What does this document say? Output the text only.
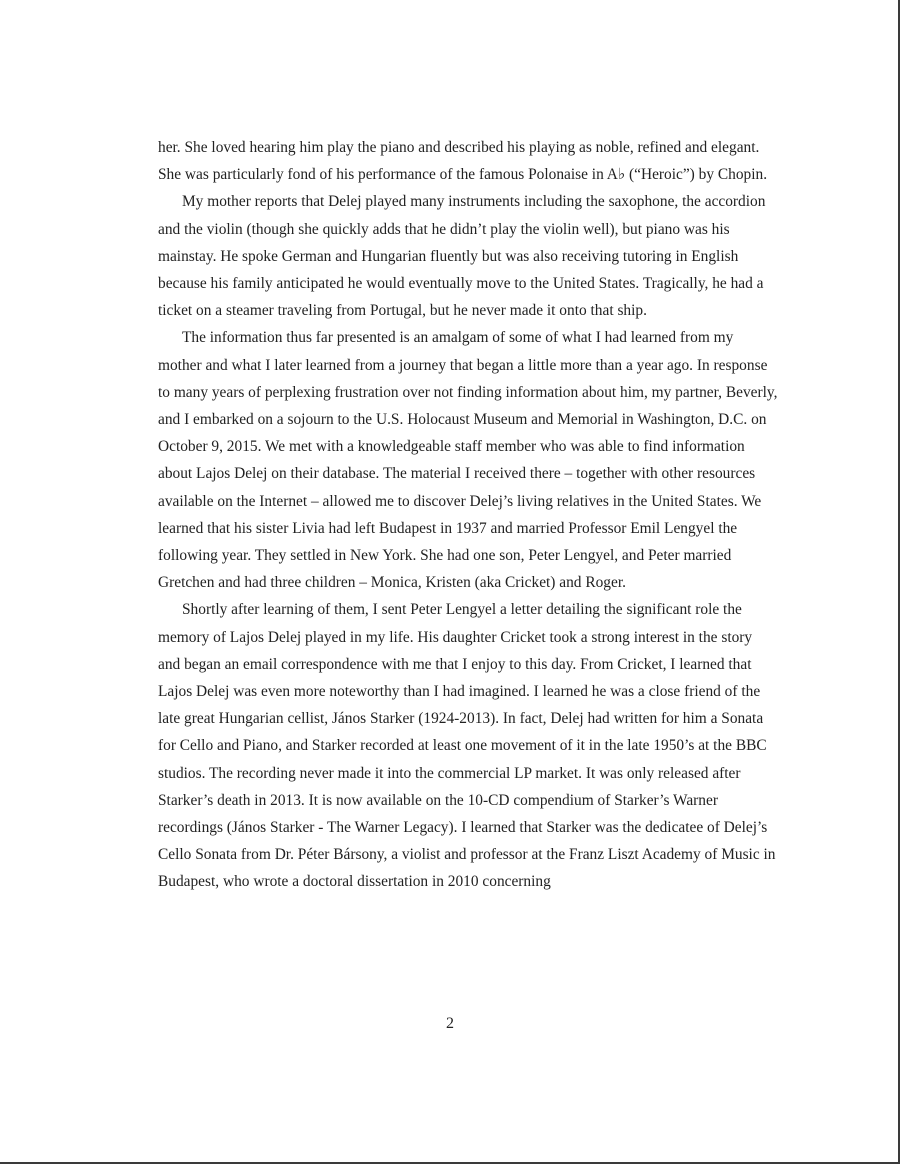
her. She loved hearing him play the piano and described his playing as noble, refined and elegant. She was particularly fond of his performance of the famous Polonaise in A♭ (“Heroic”) by Chopin.

My mother reports that Delej played many instruments including the saxophone, the accordion and the violin (though she quickly adds that he didn’t play the violin well), but piano was his mainstay. He spoke German and Hungarian fluently but was also receiving tutoring in English because his family anticipated he would eventually move to the United States. Tragically, he had a ticket on a steamer traveling from Portugal, but he never made it onto that ship.

The information thus far presented is an amalgam of some of what I had learned from my mother and what I later learned from a journey that began a little more than a year ago. In response to many years of perplexing frustration over not finding information about him, my partner, Beverly, and I embarked on a sojourn to the U.S. Holocaust Museum and Memorial in Washington, D.C. on October 9, 2015. We met with a knowledgeable staff member who was able to find information about Lajos Delej on their database. The material I received there – together with other resources available on the Internet – allowed me to discover Delej’s living relatives in the United States. We learned that his sister Livia had left Budapest in 1937 and married Professor Emil Lengyel the following year. They settled in New York. She had one son, Peter Lengyel, and Peter married Gretchen and had three children – Monica, Kristen (aka Cricket) and Roger.

Shortly after learning of them, I sent Peter Lengyel a letter detailing the significant role the memory of Lajos Delej played in my life. His daughter Cricket took a strong interest in the story and began an email correspondence with me that I enjoy to this day. From Cricket, I learned that Lajos Delej was even more noteworthy than I had imagined. I learned he was a close friend of the late great Hungarian cellist, János Starker (1924-2013). In fact, Delej had written for him a Sonata for Cello and Piano, and Starker recorded at least one movement of it in the late 1950’s at the BBC studios. The recording never made it into the commercial LP market. It was only released after Starker’s death in 2013. It is now available on the 10-CD compendium of Starker’s Warner recordings (János Starker - The Warner Legacy). I learned that Starker was the dedicatee of Delej’s Cello Sonata from Dr. Péter Bársony, a violist and professor at the Franz Liszt Academy of Music in Budapest, who wrote a doctoral dissertation in 2010 concerning

2
